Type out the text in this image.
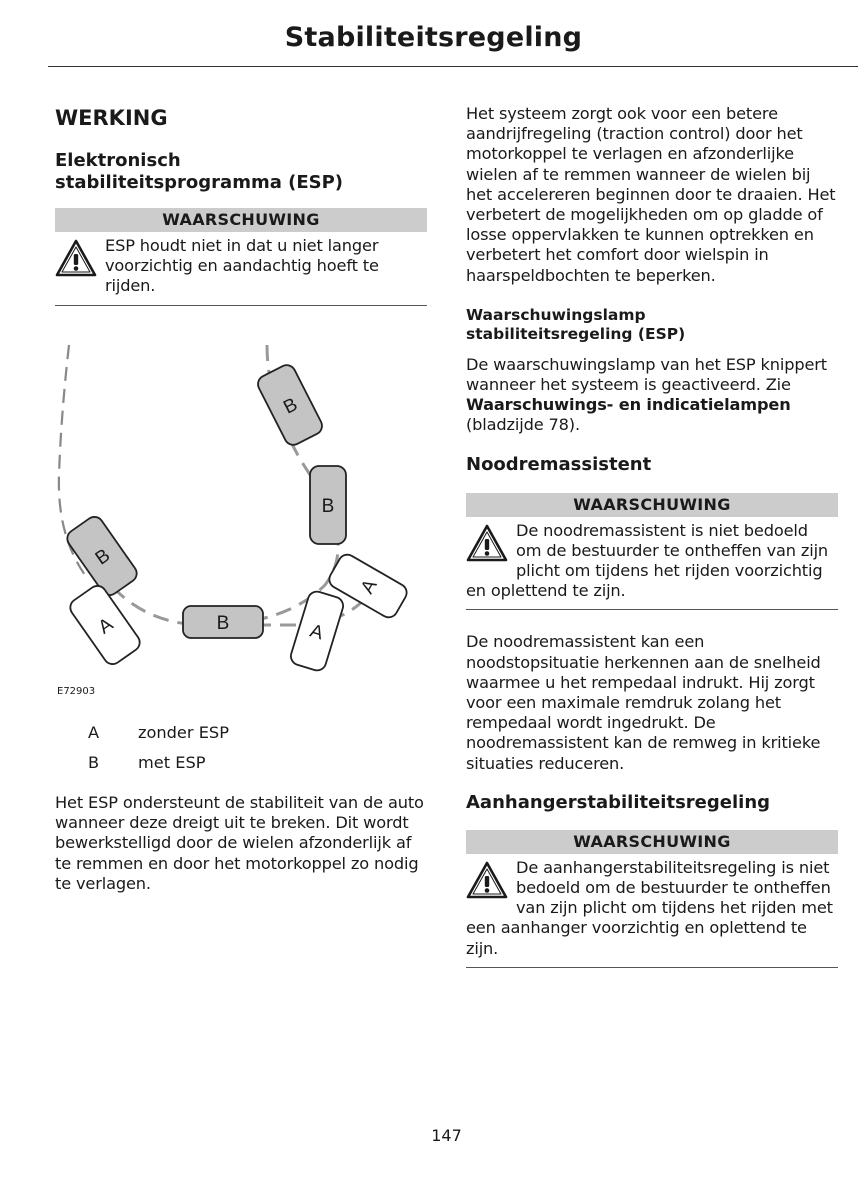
Stabiliteitsregeling
WERKING
Elektronisch
stabiliteitsprogramma (ESP)
WAARSCHUWING
ESP houdt niet in dat u niet langer voorzichtig en aandachtig hoeft te rijden.
B
B
B
B
A
A
A
E72903
A zonder ESP
B met ESP

Het ESP ondersteunt de stabiliteit van de auto wanneer deze dreigt uit te breken. Dit wordt bewerkstelligd door de wielen afzonderlijk af te remmen en door het motorkoppel zo nodig te verlagen.

Het systeem zorgt ook voor een betere aandrijfregeling (traction control) door het motorkoppel te verlagen en afzonderlijke wielen af te remmen wanneer de wielen bij het accelereren beginnen door te draaien. Het verbetert de mogelijkheden om op gladde of losse oppervlakken te kunnen optrekken en verbetert het comfort door wielspin in haarspeldbochten te beperken.

Waarschuwingslamp
stabiliteitsregeling (ESP)

De waarschuwingslamp van het ESP knippert wanneer het systeem is geactiveerd. Zie Waarschuwings- en indicatielampen (bladzijde 78).

Noodremassistent
WAARSCHUWING
De noodremassistent is niet bedoeld om de bestuurder te ontheffen van zijn plicht om tijdens het rijden voorzichtig en oplettend te zijn.

De noodremassistent kan een noodstopsituatie herkennen aan de snelheid waarmee u het rempedaal indrukt. Hij zorgt voor een maximale remdruk zolang het rempedaal wordt ingedrukt. De noodremassistent kan de remweg in kritieke situaties reduceren.

Aanhangerstabiliteitsregeling
WAARSCHUWING
De aanhangerstabiliteitsregeling is niet bedoeld om de bestuurder te ontheffen van zijn plicht om tijdens het rijden met een aanhanger voorzichtig en oplettend te zijn.
147
